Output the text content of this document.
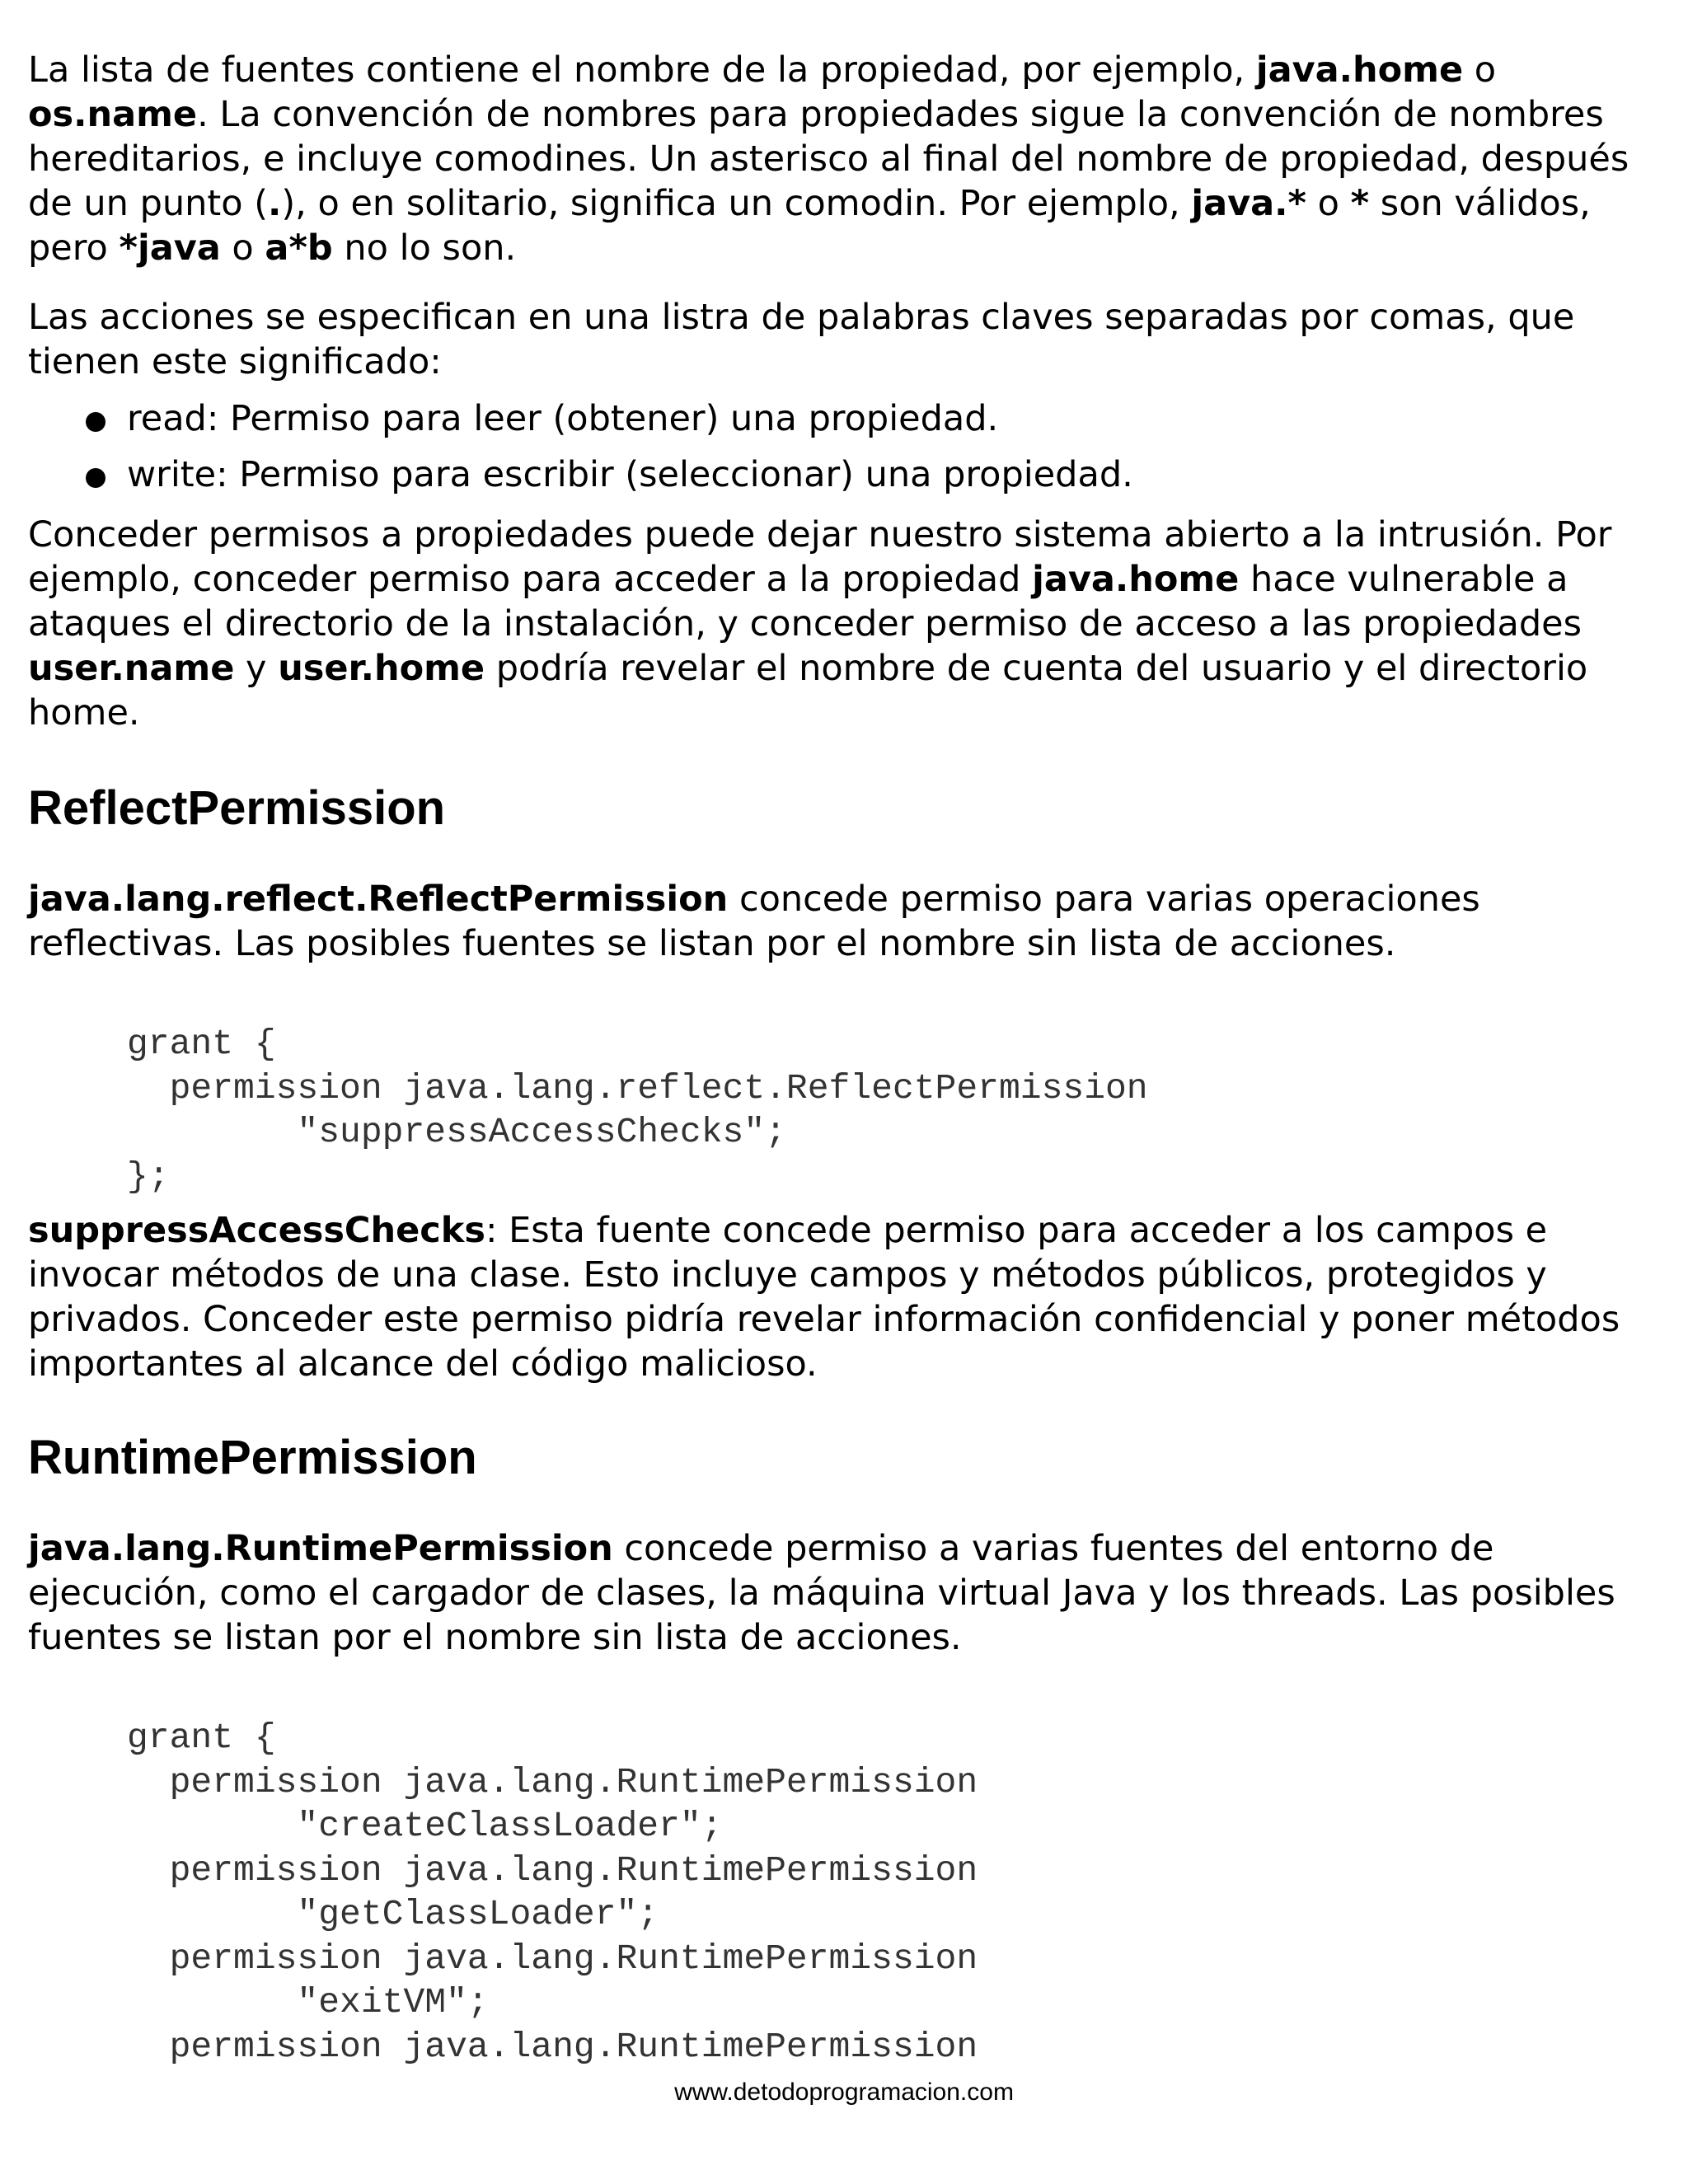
La lista de fuentes contiene el nombre de la propiedad, por ejemplo, java.home o os.name. La convención de nombres para propiedades sigue la convención de nombres hereditarios, e incluye comodines. Un asterisco al final del nombre de propiedad, después de un punto (.), o en solitario, significa un comodin. Por ejemplo, java.* o * son válidos, pero *java o a*b no lo son.

Las acciones se especifican en una listra de palabras claves separadas por comas, que tienen este significado:

read: Permiso para leer (obtener) una propiedad.
write: Permiso para escribir (seleccionar) una propiedad.

Conceder permisos a propiedades puede dejar nuestro sistema abierto a la intrusión. Por ejemplo, conceder permiso para acceder a la propiedad java.home hace vulnerable a ataques el directorio de la instalación, y conceder permiso de acceso a las propiedades user.name y user.home podría revelar el nombre de cuenta del usuario y el directorio home.

ReflectPermission

java.lang.reflect.ReflectPermission concede permiso para varias operaciones reflectivas. Las posibles fuentes se listan por el nombre sin lista de acciones.

grant {
permission java.lang.reflect.ReflectPermission
"suppressAccessChecks";
};

suppressAccessChecks: Esta fuente concede permiso para acceder a los campos e invocar métodos de una clase. Esto incluye campos y métodos públicos, protegidos y privados. Conceder este permiso pidría revelar información confidencial y poner métodos importantes al alcance del código malicioso.

RuntimePermission

java.lang.RuntimePermission concede permiso a varias fuentes del entorno de ejecución, como el cargador de clases, la máquina virtual Java y los threads. Las posibles fuentes se listan por el nombre sin lista de acciones.

grant {
permission java.lang.RuntimePermission
"createClassLoader";
permission java.lang.RuntimePermission
"getClassLoader";
permission java.lang.RuntimePermission
"exitVM";
permission java.lang.RuntimePermission
www.detodoprogramacion.com
